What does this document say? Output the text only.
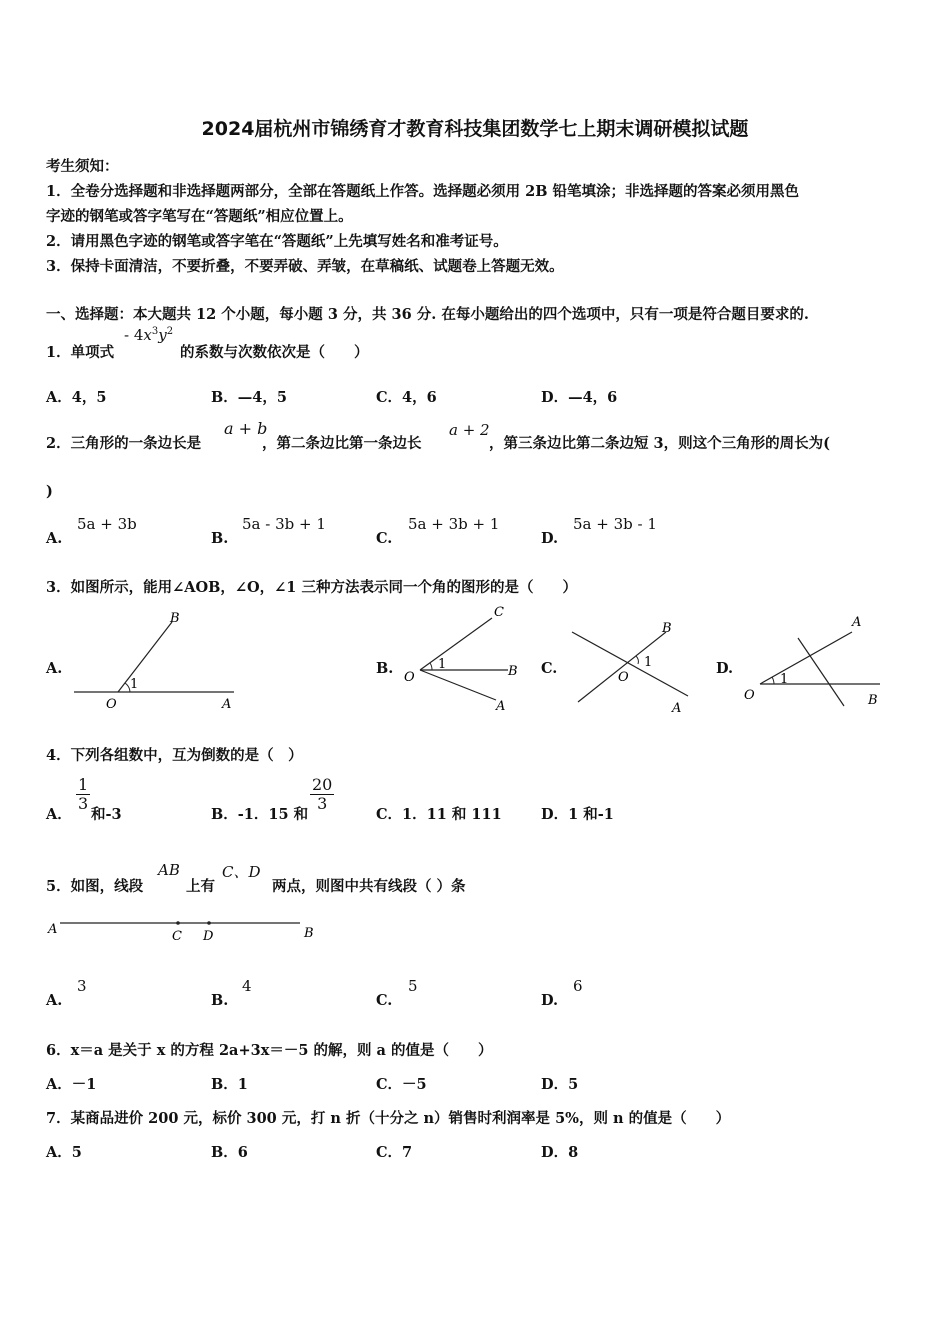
2024届杭州市锦绣育才教育科技集团数学七上期末调研模拟试题
考生须知：
1．全卷分选择题和非选择题两部分，全部在答题纸上作答。选择题必须用 2B 铅笔填涂；非选择题的答案必须用黑色
字迹的钢笔或答字笔写在“答题纸”相应位置上。
2．请用黑色字迹的钢笔或答字笔在“答题纸”上先填写姓名和准考证号。
3．保持卡面清洁，不要折叠，不要弄破、弄皱，在草稿纸、试题卷上答题无效。
一、选择题：本大题共 12 个小题，每小题 3 分，共 36 分. 在每小题给出的四个选项中，只有一项是符合题目要求的.
1．单项式
- $4x^3y^2$
的系数与次数依次是（　　）
A．4，5	B．—4，5	C．4，6	D．—4，6
2．三角形的一条边长是
a + b
，第二条边比第一条边长
a + 2
，第三条边比第二条边短 3，则这个三角形的周长为(
)
A.
5a + 3b
B.
5a - 3b + 1
C.
5a + 3b + 1
D.
5a + 3b - 1
3．如图所示，能用∠AOB，∠O，∠1 三种方法表示同一个角的图形的是（　　）
A.	B.	C.	D.
B
1
O	A
C
1	B
O
A
B
1
O
A
A
1
O	B
4．下列各组数中，互为倒数的是（　）
A．
$\frac{1}{3}$
和-3	B．-1．15 和
$\frac{20}{3}$
C．1．11 和 111	D．1 和-1
5．如图，线段
AB
上有
C、D
两点，则图中共有线段（ ）条
A	C D	B
A.
3
B.
4
C.
5
D.
6
6．x＝a 是关于 x 的方程 2a+3x＝－5 的解，则 a 的值是（　　）
A．－1	B．1	C．－5	D．5
7．某商品进价 200 元，标价 300 元，打 n 折（十分之 n）销售时利润率是 5%，则 n 的值是（　　）
A．5	B．6	C．7	D．8
